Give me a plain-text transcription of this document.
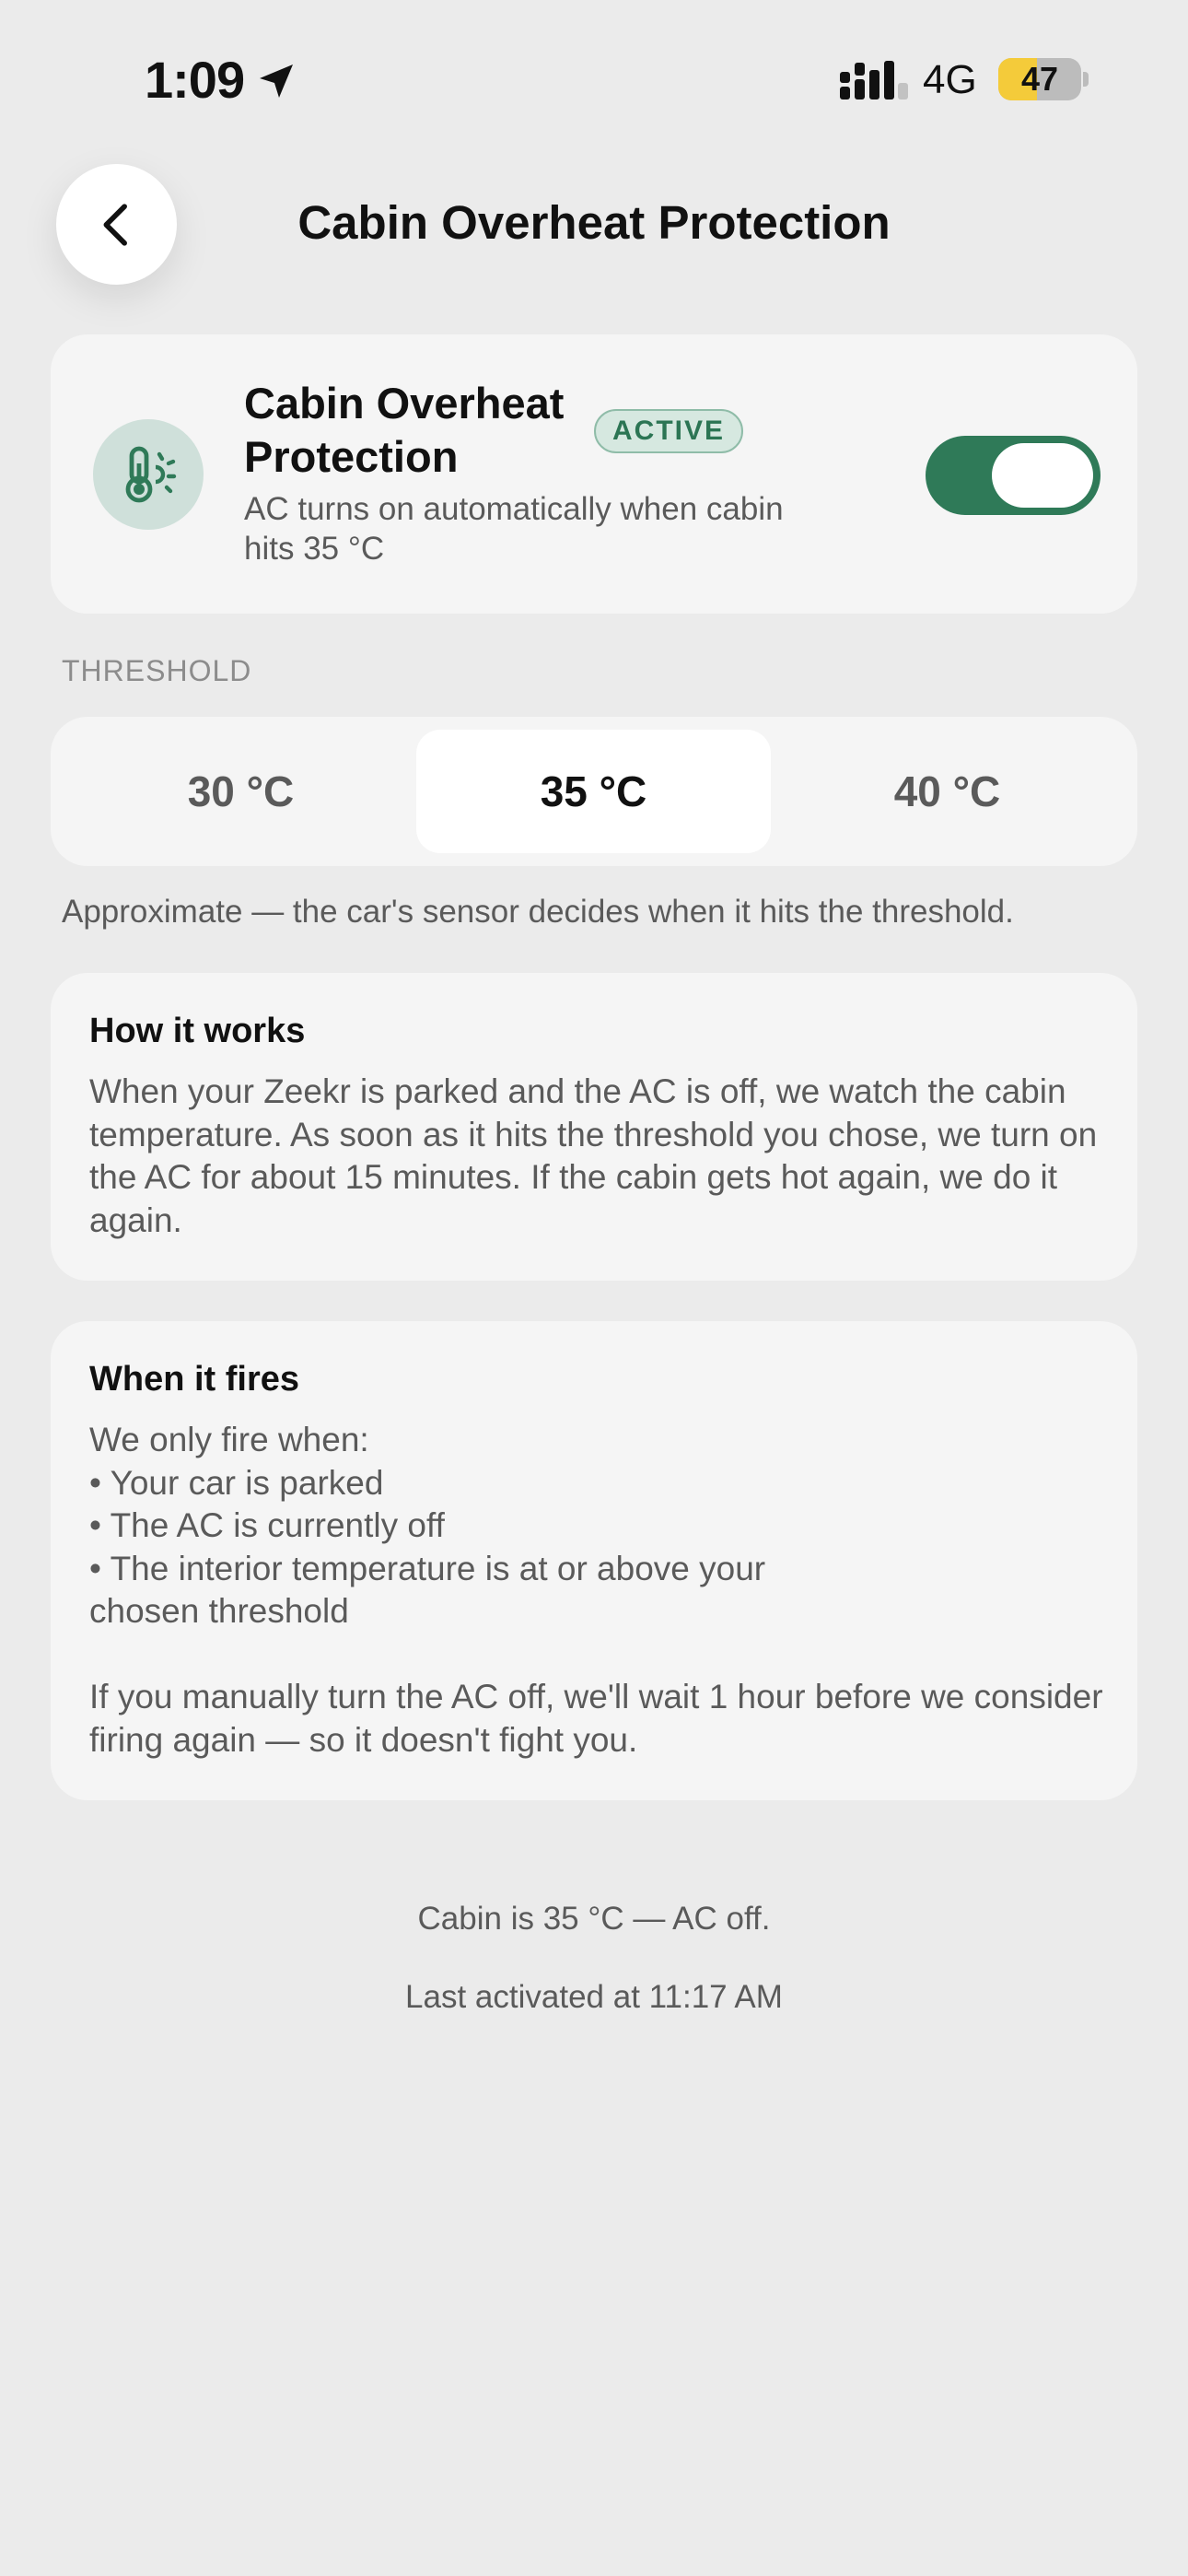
1:09	4G	47
Cabin Overheat Protection
Cabin Overheat Protection
ACTIVE
AC turns on automatically when cabin hits 35 °C
THRESHOLD
30 °C	35 °C	40 °C
Approximate — the car's sensor decides when it hits the threshold.
How it works
When your Zeekr is parked and the AC is off, we watch the cabin temperature. As soon as it hits the threshold you chose, we turn on the AC for about 15 minutes. If the cabin gets hot again, we do it again.
When it fires

We only fire when:

• Your car is parked

• The AC is currently off

• The interior temperature is at or above your chosen threshold

If you manually turn the AC off, we'll wait 1 hour before we consider firing again — so it doesn't fight you.

Cabin is 35 °C — AC off.
Last activated at 11:17 AM
